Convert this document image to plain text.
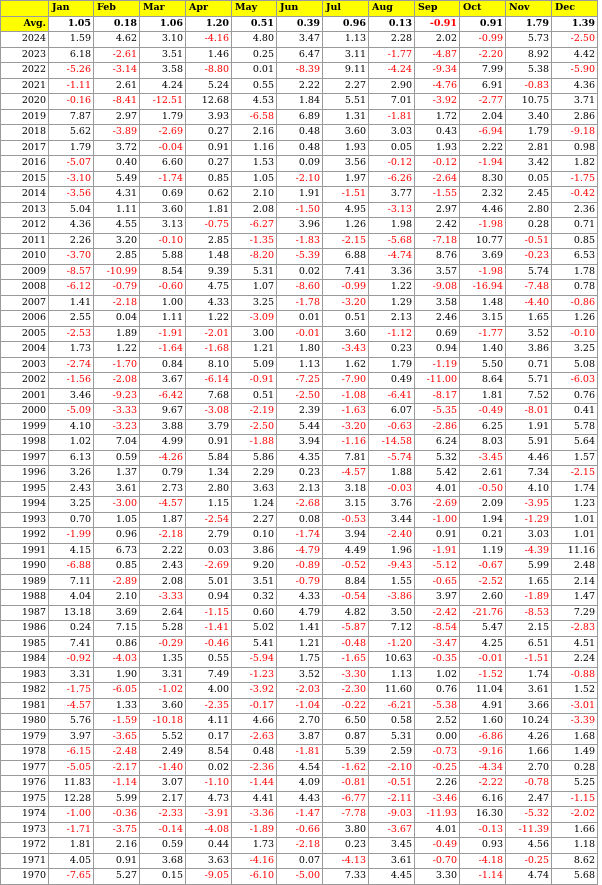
	Jan	Feb	Mar	Apr	May	Jun	Jul	Aug	Sep	Oct	Nov	Dec
Avg.	1.05	0.18	1.06	1.20	0.51	0.39	0.96	0.13	-0.91	0.91	1.79	1.39
2024	1.59	4.62	3.10	-4.16	4.80	3.47	1.13	2.28	2.02	-0.99	5.73	-2.50
2023	6.18	-2.61	3.51	1.46	0.25	6.47	3.11	-1.77	-4.87	-2.20	8.92	4.42
2022	-5.26	-3.14	3.58	-8.80	0.01	-8.39	9.11	-4.24	-9.34	7.99	5.38	-5.90
2021	-1.11	2.61	4.24	5.24	0.55	2.22	2.27	2.90	-4.76	6.91	-0.83	4.36
2020	-0.16	-8.41	-12.51	12.68	4.53	1.84	5.51	7.01	-3.92	-2.77	10.75	3.71
2019	7.87	2.97	1.79	3.93	-6.58	6.89	1.31	-1.81	1.72	2.04	3.40	2.86
2018	5.62	-3.89	-2.69	0.27	2.16	0.48	3.60	3.03	0.43	-6.94	1.79	-9.18
2017	1.79	3.72	-0.04	0.91	1.16	0.48	1.93	0.05	1.93	2.22	2.81	0.98
2016	-5.07	0.40	6.60	0.27	1.53	0.09	3.56	-0.12	-0.12	-1.94	3.42	1.82
2015	-3.10	5.49	-1.74	0.85	1.05	-2.10	1.97	-6.26	-2.64	8.30	0.05	-1.75
2014	-3.56	4.31	0.69	0.62	2.10	1.91	-1.51	3.77	-1.55	2.32	2.45	-0.42
2013	5.04	1.11	3.60	1.81	2.08	-1.50	4.95	-3.13	2.97	4.46	2.80	2.36
2012	4.36	4.55	3.13	-0.75	-6.27	3.96	1.26	1.98	2.42	-1.98	0.28	0.71
2011	2.26	3.20	-0.10	2.85	-1.35	-1.83	-2.15	-5.68	-7.18	10.77	-0.51	0.85
2010	-3.70	2.85	5.88	1.48	-8.20	-5.39	6.88	-4.74	8.76	3.69	-0.23	6.53
2009	-8.57	-10.99	8.54	9.39	5.31	0.02	7.41	3.36	3.57	-1.98	5.74	1.78
2008	-6.12	-0.79	-0.60	4.75	1.07	-8.60	-0.99	1.22	-9.08	-16.94	-7.48	0.78
2007	1.41	-2.18	1.00	4.33	3.25	-1.78	-3.20	1.29	3.58	1.48	-4.40	-0.86
2006	2.55	0.04	1.11	1.22	-3.09	0.01	0.51	2.13	2.46	3.15	1.65	1.26
2005	-2.53	1.89	-1.91	-2.01	3.00	-0.01	3.60	-1.12	0.69	-1.77	3.52	-0.10
2004	1.73	1.22	-1.64	-1.68	1.21	1.80	-3.43	0.23	0.94	1.40	3.86	3.25
2003	-2.74	-1.70	0.84	8.10	5.09	1.13	1.62	1.79	-1.19	5.50	0.71	5.08
2002	-1.56	-2.08	3.67	-6.14	-0.91	-7.25	-7.90	0.49	-11.00	8.64	5.71	-6.03
2001	3.46	-9.23	-6.42	7.68	0.51	-2.50	-1.08	-6.41	-8.17	1.81	7.52	0.76
2000	-5.09	-3.33	9.67	-3.08	-2.19	2.39	-1.63	6.07	-5.35	-0.49	-8.01	0.41
1999	4.10	-3.23	3.88	3.79	-2.50	5.44	-3.20	-0.63	-2.86	6.25	1.91	5.78
1998	1.02	7.04	4.99	0.91	-1.88	3.94	-1.16	-14.58	6.24	8.03	5.91	5.64
1997	6.13	0.59	-4.26	5.84	5.86	4.35	7.81	-5.74	5.32	-3.45	4.46	1.57
1996	3.26	1.37	0.79	1.34	2.29	0.23	-4.57	1.88	5.42	2.61	7.34	-2.15
1995	2.43	3.61	2.73	2.80	3.63	2.13	3.18	-0.03	4.01	-0.50	4.10	1.74
1994	3.25	-3.00	-4.57	1.15	1.24	-2.68	3.15	3.76	-2.69	2.09	-3.95	1.23
1993	0.70	1.05	1.87	-2.54	2.27	0.08	-0.53	3.44	-1.00	1.94	-1.29	1.01
1992	-1.99	0.96	-2.18	2.79	0.10	-1.74	3.94	-2.40	0.91	0.21	3.03	1.01
1991	4.15	6.73	2.22	0.03	3.86	-4.79	4.49	1.96	-1.91	1.19	-4.39	11.16
1990	-6.88	0.85	2.43	-2.69	9.20	-0.89	-0.52	-9.43	-5.12	-0.67	5.99	2.48
1989	7.11	-2.89	2.08	5.01	3.51	-0.79	8.84	1.55	-0.65	-2.52	1.65	2.14
1988	4.04	2.10	-3.33	0.94	0.32	4.33	-0.54	-3.86	3.97	2.60	-1.89	1.47
1987	13.18	3.69	2.64	-1.15	0.60	4.79	4.82	3.50	-2.42	-21.76	-8.53	7.29
1986	0.24	7.15	5.28	-1.41	5.02	1.41	-5.87	7.12	-8.54	5.47	2.15	-2.83
1985	7.41	0.86	-0.29	-0.46	5.41	1.21	-0.48	-1.20	-3.47	4.25	6.51	4.51
1984	-0.92	-4.03	1.35	0.55	-5.94	1.75	-1.65	10.63	-0.35	-0.01	-1.51	2.24
1983	3.31	1.90	3.31	7.49	-1.23	3.52	-3.30	1.13	1.02	-1.52	1.74	-0.88
1982	-1.75	-6.05	-1.02	4.00	-3.92	-2.03	-2.30	11.60	0.76	11.04	3.61	1.52
1981	-4.57	1.33	3.60	-2.35	-0.17	-1.04	-0.22	-6.21	-5.38	4.91	3.66	-3.01
1980	5.76	-1.59	-10.18	4.11	4.66	2.70	6.50	0.58	2.52	1.60	10.24	-3.39
1979	3.97	-3.65	5.52	0.17	-2.63	3.87	0.87	5.31	0.00	-6.86	4.26	1.68
1978	-6.15	-2.48	2.49	8.54	0.48	-1.81	5.39	2.59	-0.73	-9.16	1.66	1.49
1977	-5.05	-2.17	-1.40	0.02	-2.36	4.54	-1.62	-2.10	-0.25	-4.34	2.70	0.28
1976	11.83	-1.14	3.07	-1.10	-1.44	4.09	-0.81	-0.51	2.26	-2.22	-0.78	5.25
1975	12.28	5.99	2.17	4.73	4.41	4.43	-6.77	-2.11	-3.46	6.16	2.47	-1.15
1974	-1.00	-0.36	-2.33	-3.91	-3.36	-1.47	-7.78	-9.03	-11.93	16.30	-5.32	-2.02
1973	-1.71	-3.75	-0.14	-4.08	-1.89	-0.66	3.80	-3.67	4.01	-0.13	-11.39	1.66
1972	1.81	2.16	0.59	0.44	1.73	-2.18	0.23	3.45	-0.49	0.93	4.56	1.18
1971	4.05	0.91	3.68	3.63	-4.16	0.07	-4.13	3.61	-0.70	-4.18	-0.25	8.62
1970	-7.65	5.27	0.15	-9.05	-6.10	-5.00	7.33	4.45	3.30	-1.14	4.74	5.68
